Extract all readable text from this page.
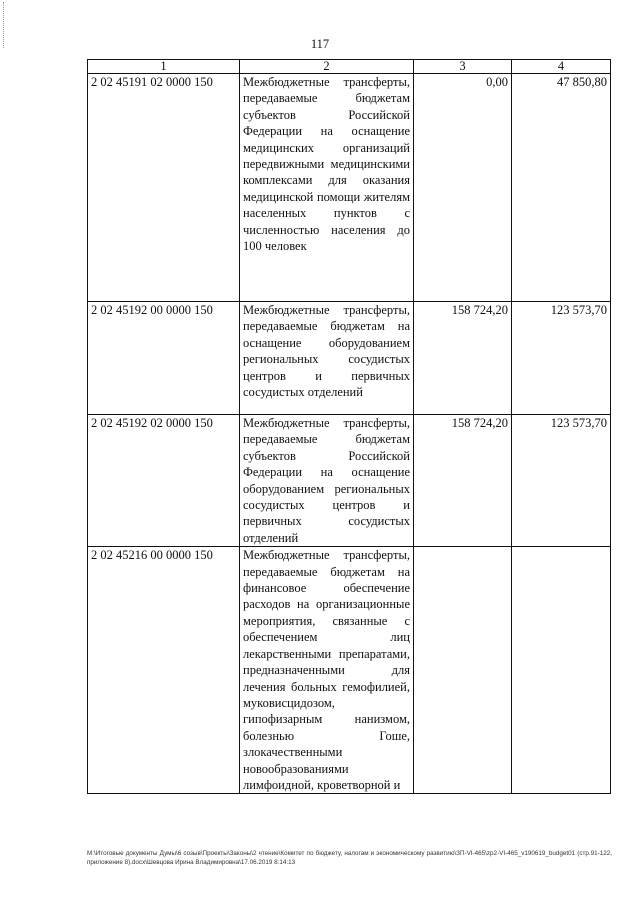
117
1	2	3	4
2 02 45191 02 0000 150	Межбюджетные трансферты, передаваемые бюджетам субъектов Российской Федерации на оснащение медицинских организаций передвижными медицинскими комплексами для оказания медицинской помощи жителям населенных пунктов с численностью населения до 100 человек	0,00	47 850,80
2 02 45192 00 0000 150	Межбюджетные трансферты, передаваемые бюджетам на оснащение оборудованием региональных сосудистых центров и первичных сосудистых отделений	158 724,20	123 573,70
2 02 45192 02 0000 150	Межбюджетные трансферты, передаваемые бюджетам субъектов Российской Федерации на оснащение оборудованием региональных сосудистых центров и первичных сосудистых отделений	158 724,20	123 573,70
2 02 45216 00 0000 150	Межбюджетные трансферты, передаваемые бюджетам на финансовое обеспечение расходов на организационные мероприятия, связанные с обеспечением лиц лекарственными препаратами, предназначенными для лечения больных гемофилией, муковисцидозом, гипофизарным нанизмом, болезнью Гоше, злокачественными новообразованиями лимфоидной, кроветворной и		
М:\Итоговые документы Думы\6 созыв\Проекты\Законы\2 чтение\Комитет по бюджету, налогам и экономическому развитию\ЗП-VI-465\zp2-VI-465_v190619_budget01 (стр.91-122, приложение 8).docx\Шевцова Ирина Владимировна\17.06.2019 8:14:13
